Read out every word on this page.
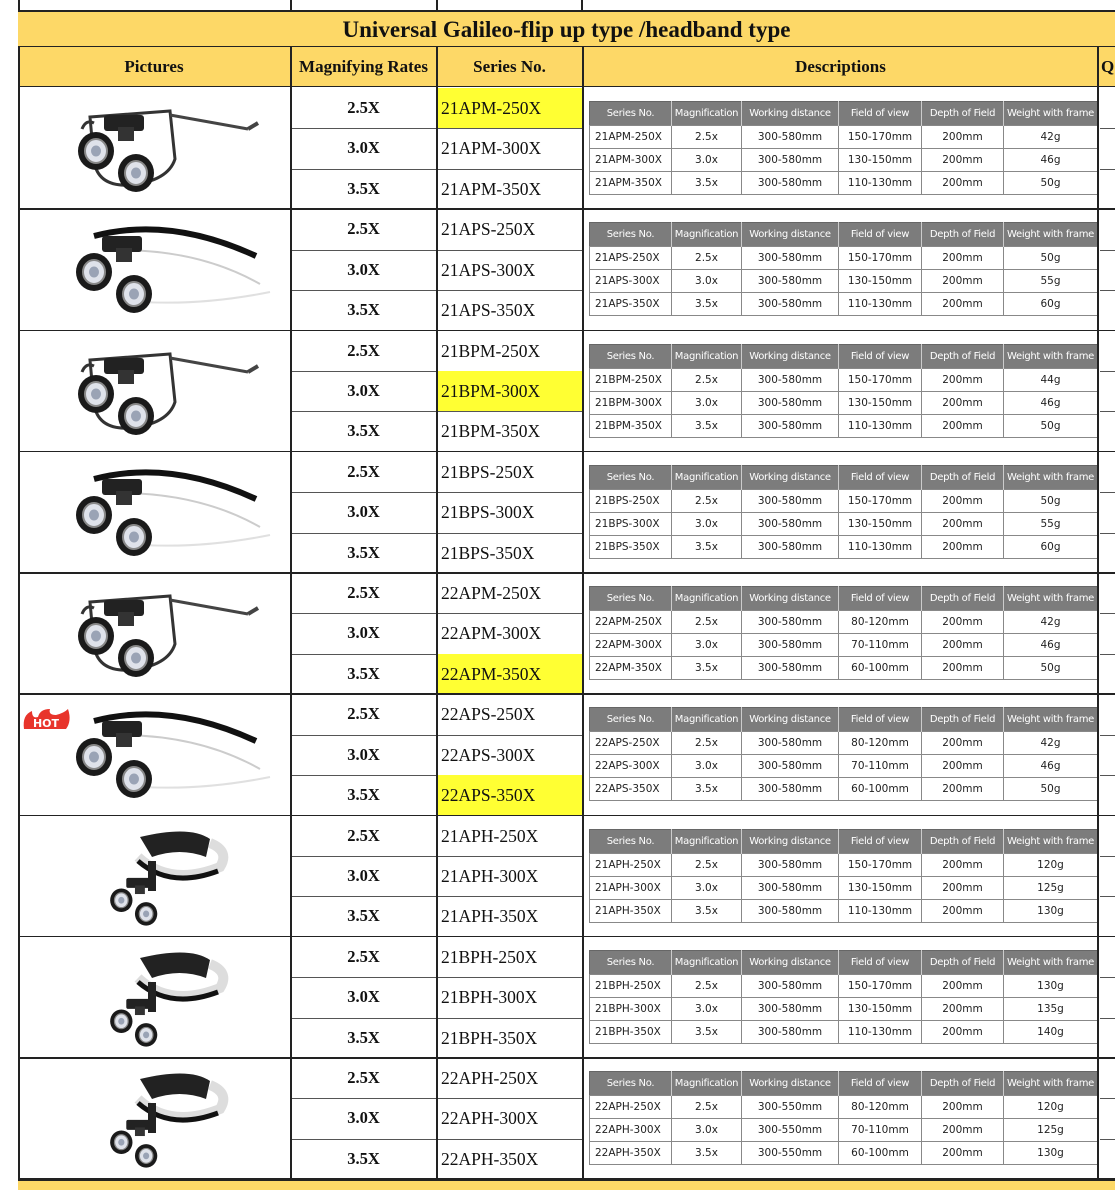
Universal Galileo-flip up type /headband type
Pictures	Magnifying Rates	Series No.	Descriptions	Q
2.5X	21APM-250X
3.0X	21APM-300X
3.5X	21APM-350X
Series No.	Magnification	Working distance	Field of view	Depth of Field	Weight with frame
21APM-250X	2.5x	300-580mm	150-170mm	200mm	42g
21APM-300X	3.0x	300-580mm	130-150mm	200mm	46g
21APM-350X	3.5x	300-580mm	110-130mm	200mm	50g
2.5X	21APS-250X
3.0X	21APS-300X
3.5X	21APS-350X
Series No.	Magnification	Working distance	Field of view	Depth of Field	Weight with frame
21APS-250X	2.5x	300-580mm	150-170mm	200mm	50g
21APS-300X	3.0x	300-580mm	130-150mm	200mm	55g
21APS-350X	3.5x	300-580mm	110-130mm	200mm	60g
2.5X	21BPM-250X
3.0X	21BPM-300X
3.5X	21BPM-350X
Series No.	Magnification	Working distance	Field of view	Depth of Field	Weight with frame
21BPM-250X	2.5x	300-580mm	150-170mm	200mm	44g
21BPM-300X	3.0x	300-580mm	130-150mm	200mm	46g
21BPM-350X	3.5x	300-580mm	110-130mm	200mm	50g
2.5X	21BPS-250X
3.0X	21BPS-300X
3.5X	21BPS-350X
Series No.	Magnification	Working distance	Field of view	Depth of Field	Weight with frame
21BPS-250X	2.5x	300-580mm	150-170mm	200mm	50g
21BPS-300X	3.0x	300-580mm	130-150mm	200mm	55g
21BPS-350X	3.5x	300-580mm	110-130mm	200mm	60g
2.5X	22APM-250X
3.0X	22APM-300X
3.5X	22APM-350X
Series No.	Magnification	Working distance	Field of view	Depth of Field	Weight with frame
22APM-250X	2.5x	300-580mm	80-120mm	200mm	42g
22APM-300X	3.0x	300-580mm	70-110mm	200mm	46g
22APM-350X	3.5x	300-580mm	60-100mm	200mm	50g
HOT
2.5X	22APS-250X
3.0X	22APS-300X
3.5X	22APS-350X
Series No.	Magnification	Working distance	Field of view	Depth of Field	Weight with frame
22APS-250X	2.5x	300-580mm	80-120mm	200mm	42g
22APS-300X	3.0x	300-580mm	70-110mm	200mm	46g
22APS-350X	3.5x	300-580mm	60-100mm	200mm	50g
2.5X	21APH-250X
3.0X	21APH-300X
3.5X	21APH-350X
Series No.	Magnification	Working distance	Field of view	Depth of Field	Weight with frame
21APH-250X	2.5x	300-580mm	150-170mm	200mm	120g
21APH-300X	3.0x	300-580mm	130-150mm	200mm	125g
21APH-350X	3.5x	300-580mm	110-130mm	200mm	130g
2.5X	21BPH-250X
3.0X	21BPH-300X
3.5X	21BPH-350X
Series No.	Magnification	Working distance	Field of view	Depth of Field	Weight with frame
21BPH-250X	2.5x	300-580mm	150-170mm	200mm	130g
21BPH-300X	3.0x	300-580mm	130-150mm	200mm	135g
21BPH-350X	3.5x	300-580mm	110-130mm	200mm	140g
2.5X	22APH-250X
3.0X	22APH-300X
3.5X	22APH-350X
Series No.	Magnification	Working distance	Field of view	Depth of Field	Weight with frame
22APH-250X	2.5x	300-550mm	80-120mm	200mm	120g
22APH-300X	3.0x	300-550mm	70-110mm	200mm	125g
22APH-350X	3.5x	300-550mm	60-100mm	200mm	130g
